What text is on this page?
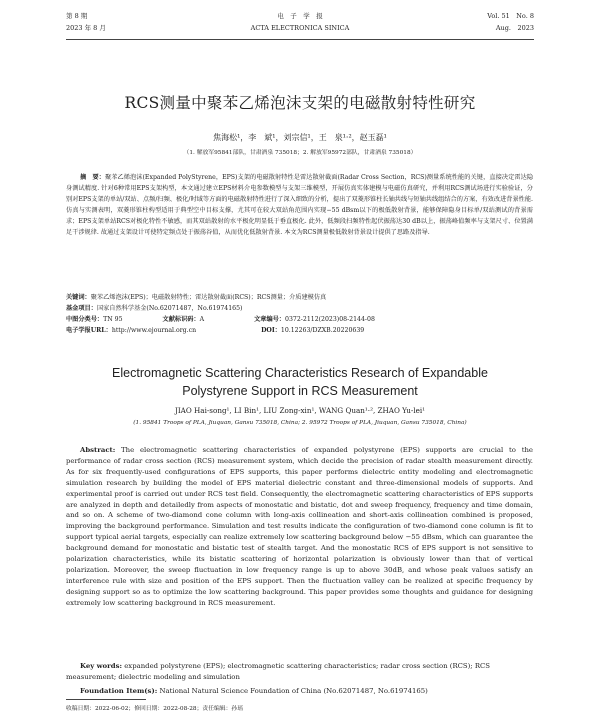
第 8 期
2023 年 8 月
电　子　学　报
ACTA ELECTRONICA SINICA
Vol. 51　No. 8
Aug.　2023
RCS测量中聚苯乙烯泡沫支架的电磁散射特性研究
焦海松¹，李　斌¹，刘宗信¹，王　泉¹·²，赵玉磊¹
（1. 解放军95841部队，甘肃酒泉 735018；2. 解放军95972部队，甘肃酒泉 735018）
摘　要：聚苯乙烯泡沫(Expanded PolyStyrene，EPS)支架的电磁散射特性是雷达散射截面(Radar Cross Section，RCS)测量系统性能的关键，直接决定雷达隐身测试精度. 针对6种常用EPS支架构型，本文通过建立EPS材料介电参数模型与支架三维模型，开展仿真实体建模与电磁仿真研究，并利用RCS测试场进行实验验证，分别对EPS支架的单站/双站、点频/扫频、极化/时域等方面的电磁散射特性进行了深入细致的分析，提出了双菱形锥柱长轴共线与短轴共线组结合的方案，有效改进背景性能. 仿真与实测表明，双菱形锥柱构型适用于典型空中目标支撑，尤其可在较大双站角范围内实现−55 dBsm以下的极低散射背景，能够保障隐身目标单/双站测试的背景需求；EPS支架单站RCS对极化特性不敏感，而其双站散射的水平极化明显低于垂直极化. 此外，低频段扫频特性起伏振荡达30 dB以上，振荡峰值频率与支架尺寸、位置满足干涉规律. 故通过支架设计可使特定频点处于振荡谷值，从而优化低散射背景. 本文为RCS测量极低散射背景设计提供了思路及指导.
关键词：聚苯乙烯泡沫(EPS)；电磁散射特性；雷达散射截面(RCS)；RCS测量；介质建模仿真
基金项目：国家自然科学基金(No.62071487，No.61974165)
中图分类号：TN 95	文献标识码：A	文章编号：0372-2112(2023)08-2144-08
电子学报URL：http://www.ejournal.org.cn	DOI：10.12263/DZXB.20220639
Electromagnetic Scattering Characteristics Research of Expandable
Polystyrene Support in RCS Measurement
JIAO Hai-song¹, LI Bin¹, LIU Zong-xin¹, WANG Quan¹·², ZHAO Yu-lei¹
(1. 95841 Troops of PLA, Jiuquan, Gansu 735018, China; 2. 95972 Troops of PLA, Jiuquan, Gansu 735018, China)
Abstract: The electromagnetic scattering characteristics of expanded polystyrene (EPS) supports are crucial to the performance of radar cross section (RCS) measurement system, which decide the precision of radar stealth measurement directly. As for six frequently-used configurations of EPS supports, this paper performs dielectric entity modeling and electromagnetic simulation research by building the model of EPS material dielectric constant and three-dimensional models of supports. And experimental proof is carried out under RCS test field. Consequently, the electromagnetic scattering characteristics of EPS supports are analyzed in depth and detailedly from aspects of monostatic and bistatic, dot and sweep frequency, frequency and time domain, and so on. A scheme of two-diamond cone column with long-axis collineation and short-axis collineation combined is proposed, improving the background performance. Simulation and test results indicate the configuration of two-diamond cone column is fit to support typical aerial targets, especially can realize extremely low scattering background below −55 dBsm, which can guarantee the background demand for monostatic and bistatic test of stealth target. And the monostatic RCS of EPS support is not sensitive to polarization characteristics, while its bistatic scattering of horizontal polarization is obviously lower than that of vertical polarization. Moreover, the sweep fluctuation in low frequency range is up to above 30dB, and whose peak values satisfy an interference rule with size and position of the EPS support. Then the fluctuation valley can be realized at specific frequency by designing support so as to optimize the low scattering background. This paper provides some thoughts and guidance for designing extremely low scattering background in RCS measurement.
Key words: expanded polystyrene (EPS); electromagnetic scattering characteristics; radar cross section (RCS); RCS measurement; dielectric modeling and simulation
Foundation Item(s): National Natural Science Foundation of China (No.62071487, No.61974165)
收稿日期：2022-06-02；修回日期：2022-08-28；责任编辑：孙瑶
